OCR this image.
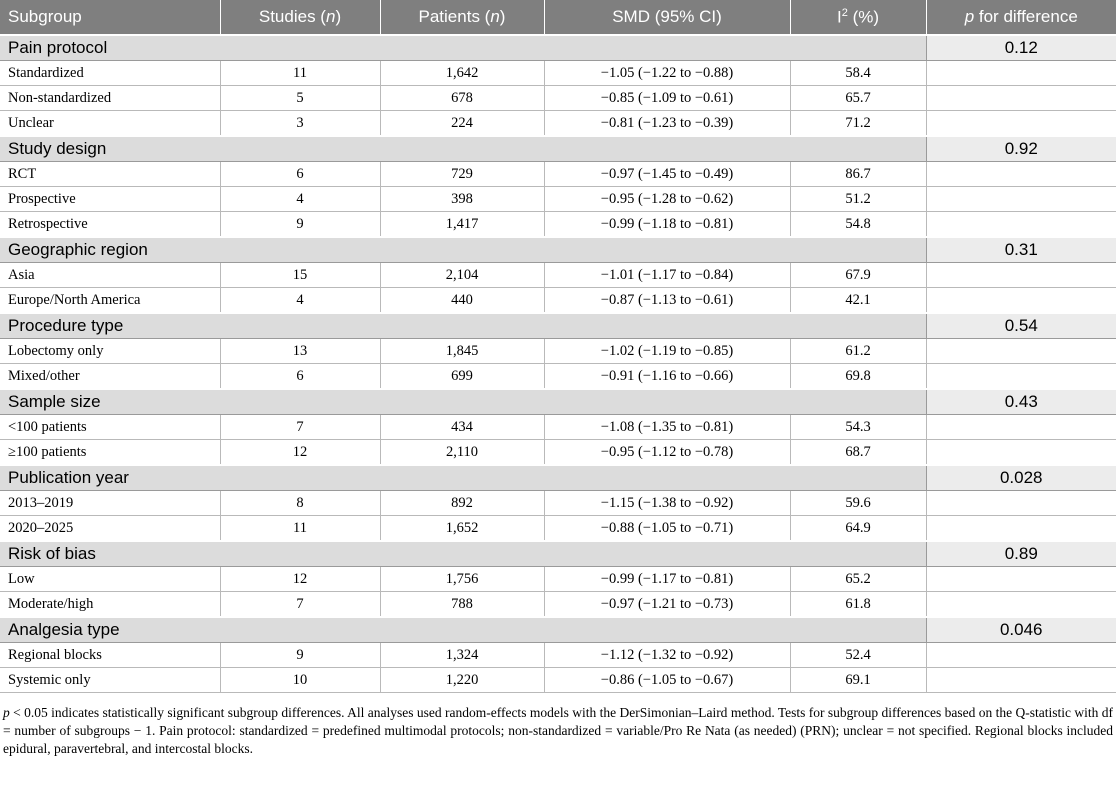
Subgroup	Studies (n)	Patients (n)	SMD (95% CI)	$I^2$ (%)	p for difference
Pain protocol					0.12
Standardized	11	1,642	−1.05 (−1.22 to −0.88)	58.4	
Non-standardized	5	678	−0.85 (−1.09 to −0.61)	65.7	
Unclear	3	224	−0.81 (−1.23 to −0.39)	71.2	
Study design					0.92
RCT	6	729	−0.97 (−1.45 to −0.49)	86.7	
Prospective	4	398	−0.95 (−1.28 to −0.62)	51.2	
Retrospective	9	1,417	−0.99 (−1.18 to −0.81)	54.8	
Geographic region					0.31
Asia	15	2,104	−1.01 (−1.17 to −0.84)	67.9	
Europe/North America	4	440	−0.87 (−1.13 to −0.61)	42.1	
Procedure type					0.54
Lobectomy only	13	1,845	−1.02 (−1.19 to −0.85)	61.2	
Mixed/other	6	699	−0.91 (−1.16 to −0.66)	69.8	
Sample size					0.43
<100 patients	7	434	−1.08 (−1.35 to −0.81)	54.3	
≥100 patients	12	2,110	−0.95 (−1.12 to −0.78)	68.7	
Publication year					0.028
2013–2019	8	892	−1.15 (−1.38 to −0.92)	59.6	
2020–2025	11	1,652	−0.88 (−1.05 to −0.71)	64.9	
Risk of bias					0.89
Low	12	1,756	−0.99 (−1.17 to −0.81)	65.2	
Moderate/high	7	788	−0.97 (−1.21 to −0.73)	61.8	
Analgesia type					0.046
Regional blocks	9	1,324	−1.12 (−1.32 to −0.92)	52.4	
Systemic only	10	1,220	−0.86 (−1.05 to −0.67)	69.1	

p < 0.05 indicates statistically significant subgroup differences. All analyses used random-effects models with the DerSimonian–Laird method. Tests for subgroup differences based on the Q-statistic with df = number of subgroups − 1. Pain protocol: standardized = predefined multimodal protocols; non-standardized = variable/Pro Re Nata (as needed) (PRN); unclear = not specified. Regional blocks included epidural, paravertebral, and intercostal blocks.
